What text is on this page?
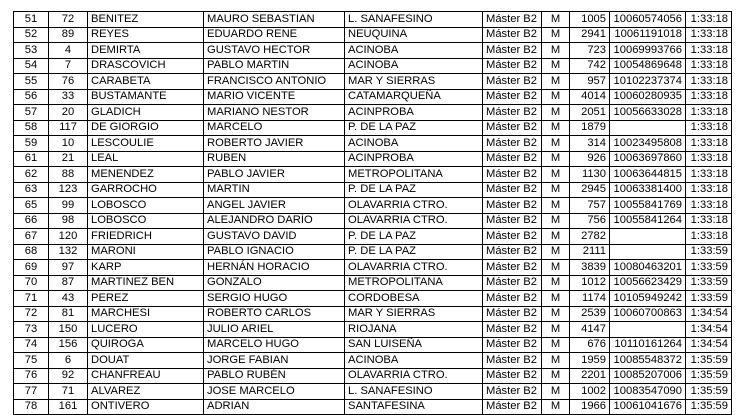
51	72	BENITEZ	MAURO SEBASTIAN	L. SANAFESINO	Máster B2	M	1005	10060574056	1:33:18
52	89	REYES	EDUARDO RENE	NEUQUINA	Máster B2	M	2941	10061191018	1:33:18
53	4	DEMIRTA	GUSTAVO HECTOR	ACINOBA	Máster B2	M	723	10069993766	1:33:18
54	7	DRASCOVICH	PABLO MARTIN	ACINOBA	Máster B2	M	742	10054869648	1:33:18
55	76	CARABETA	FRANCISCO ANTONIO	MAR Y SIERRAS	Máster B2	M	957	10102237374	1:33:18
56	33	BUSTAMANTE	MARIO VICENTE	CATAMARQUEÑA	Máster B2	M	4014	10060280935	1:33:18
57	20	GLADICH	MARIANO NESTOR	ACINPROBA	Máster B2	M	2051	10056633028	1:33:18
58	117	DE GIORGIO	MARCELO	P. DE LA PAZ	Máster B2	M	1879		1:33:18
59	10	LESCOULIE	ROBERTO JAVIER	ACINOBA	Máster B2	M	314	10023495808	1:33:18
61	21	LEAL	RUBEN	ACINPROBA	Máster B2	M	926	10063697860	1:33:18
62	88	MENENDEZ	PABLO JAVIER	METROPOLITANA	Máster B2	M	1130	10063644815	1:33:18
63	123	GARROCHO	MARTIN	P. DE LA PAZ	Máster B2	M	2945	10063381400	1:33:18
65	99	LOBOSCO	ANGEL JAVIER	OLAVARRIA CTRO.	Máster B2	M	757	10055841769	1:33:18
66	98	LOBOSCO	ALEJANDRO DARÍO	OLAVARRIA CTRO.	Máster B2	M	756	10055841264	1:33:18
67	120	FRIEDRICH	GUSTAVO DAVID	P. DE LA PAZ	Máster B2	M	2782		1:33:18
68	132	MARONI	PABLO IGNACIO	P. DE LA PAZ	Máster B2	M	2111		1:33:59
69	97	KARP	HERNÁN HORACIO	OLAVARRIA CTRO.	Máster B2	M	3839	10080463201	1:33:59
70	87	MARTINEZ BEN	GONZALO	METROPOLITANA	Máster B2	M	1012	10056623429	1:33:59
71	43	PEREZ	SERGIO HUGO	CORDOBESA	Máster B2	M	1174	10105949242	1:33:59
72	81	MARCHESI	ROBERTO CARLOS	MAR Y SIERRAS	Máster B2	M	2539	10060700863	1:34:54
73	150	LUCERO	JULIO ARIEL	RIOJANA	Máster B2	M	4147		1:34:54
74	156	QUIROGA	MARCELO HUGO	SAN LUISEÑA	Máster B2	M	676	10110161264	1:34:54
75	6	DOUAT	JORGE FABIAN	ACINOBA	Máster B2	M	1959	10085548372	1:35:59
76	92	CHANFREAU	PABLO RUBÉN	OLAVARRIA CTRO.	Máster B2	M	2201	10085207006	1:35:59
77	71	ALVAREZ	JOSE MARCELO	L. SANAFESINO	Máster B2	M	1002	10083547090	1:35:59
78	161	ONTIVERO	ADRIAN	SANTAFESINA	Máster B2	M	1966	10061041676	1:35:59
